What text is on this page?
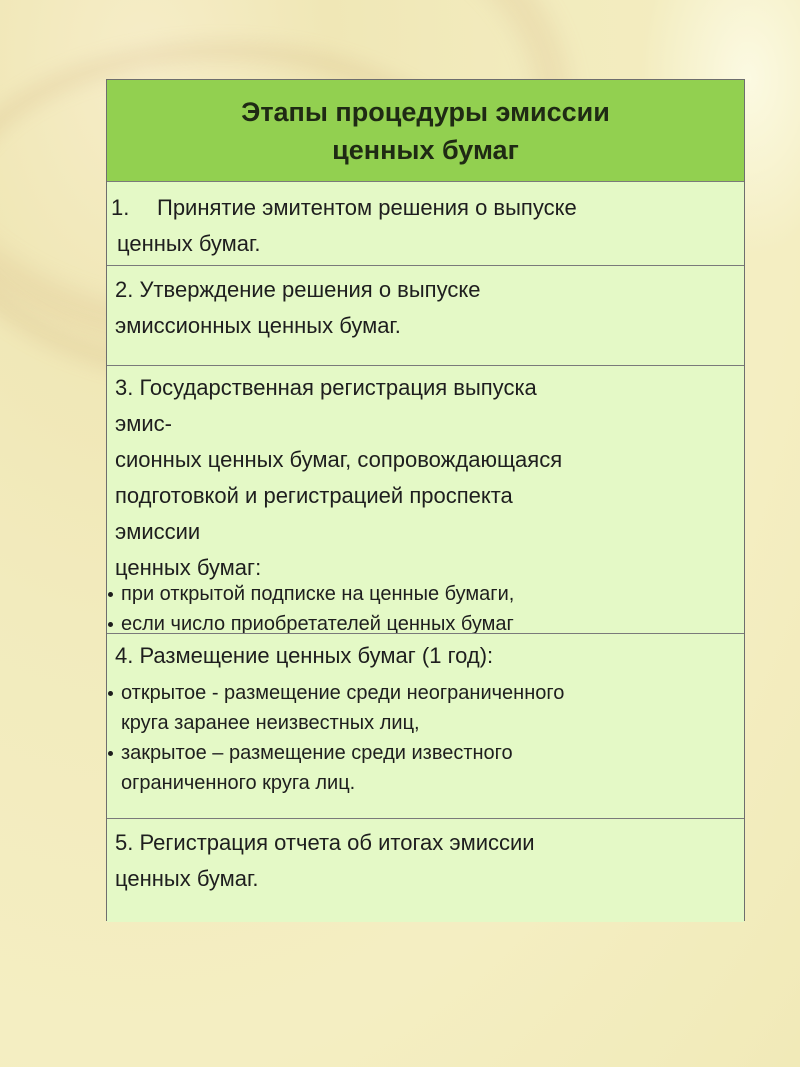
Этапы процедуры эмиссии
ценных бумаг
1.	Принятие эмитентом решения о выпуске
ценных бумаг.
2. Утверждение решения о выпуске
эмиссионных ценных бумаг.
3. Государственная регистрация выпуска
эмис-
сионных ценных бумаг, сопровождающаяся
подготовкой и регистрацией проспекта
эмиссии
ценных бумаг:
при открытой подписке на ценные бумаги,
если число приобретателей ценных бумаг
4. Размещение ценных бумаг (1 год):
открытое - размещение среди неограниченного
круга заранее неизвестных лиц,
закрытое – размещение среди известного
ограниченного круга лиц.
5. Регистрация отчета об итогах эмиссии
ценных бумаг.
